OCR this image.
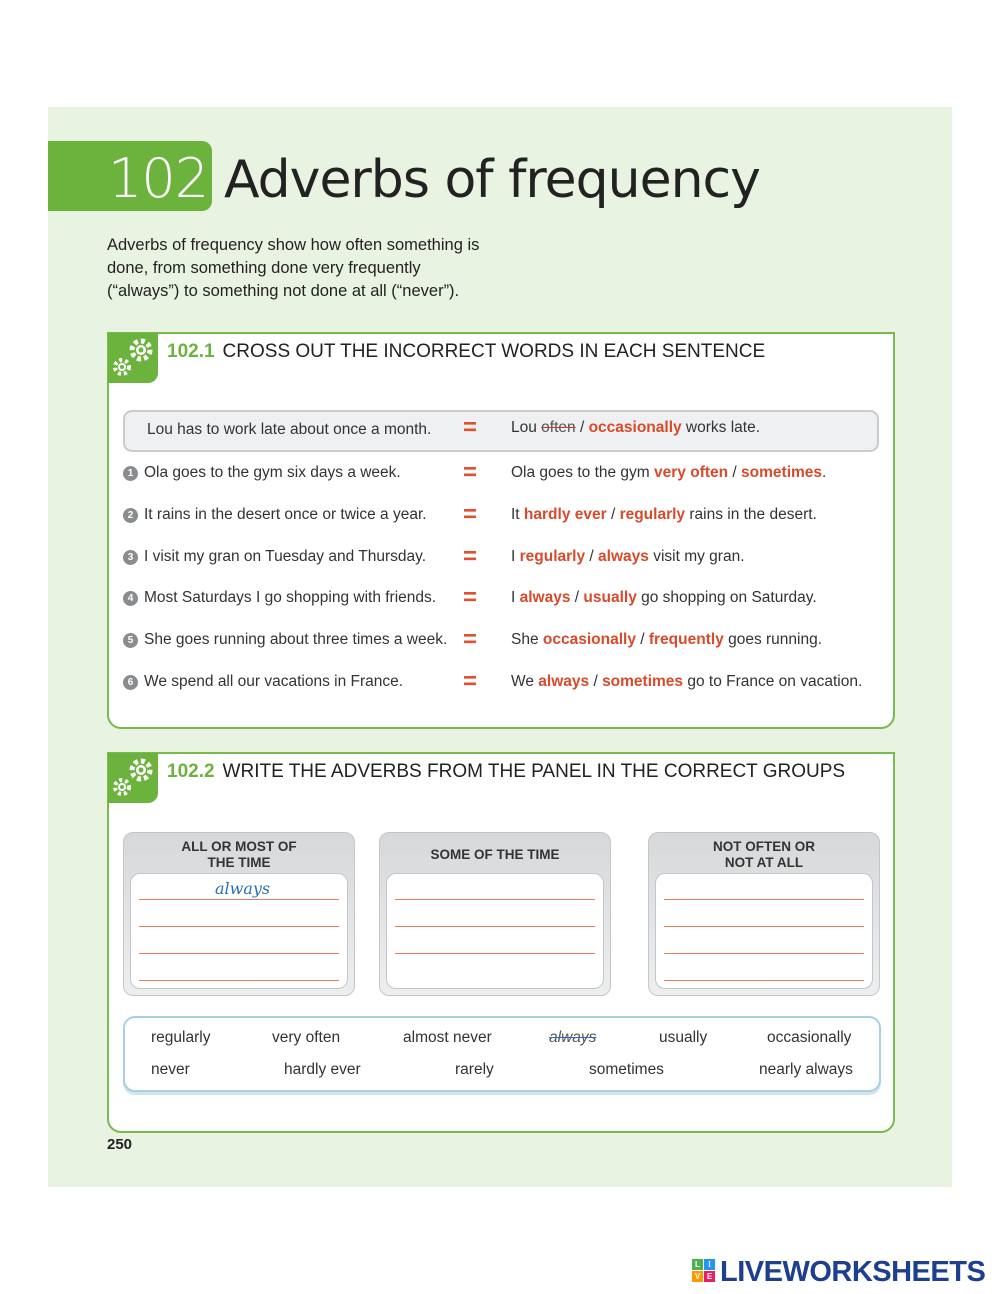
102 Adverbs of frequency
Adverbs of frequency show how often something is done, from something done very frequently (“always”) to something not done at all (“never”).
102.1 CROSS OUT THE INCORRECT WORDS IN EACH SENTENCE
Lou has to work late about once a month. = Lou often / occasionally works late.
1 Ola goes to the gym six days a week.	= Ola goes to the gym very often / sometimes.
2 It rains in the desert once or twice a year. = It hardly ever / regularly rains in the desert.
3 I visit my gran on Tuesday and Thursday. = I regularly / always visit my gran.
4 Most Saturdays I go shopping with friends. = I always / usually go shopping on Saturday.
5 She goes running about three times a week. = She occasionally / frequently goes running.
6 We spend all our vacations in France. = We always / sometimes go to France on vacation.
102.2 WRITE THE ADVERBS FROM THE PANEL IN THE CORRECT GROUPS
ALL OR MOST OF
THE TIME
always
SOME OF THE TIME
NOT OFTEN OR
NOT AT ALL
regularly	very often	almost never	always	usually	occasionally
never	hardly ever	rarely	sometimes	nearly always
250
L	I
V E LIVEWORKSHEETS
